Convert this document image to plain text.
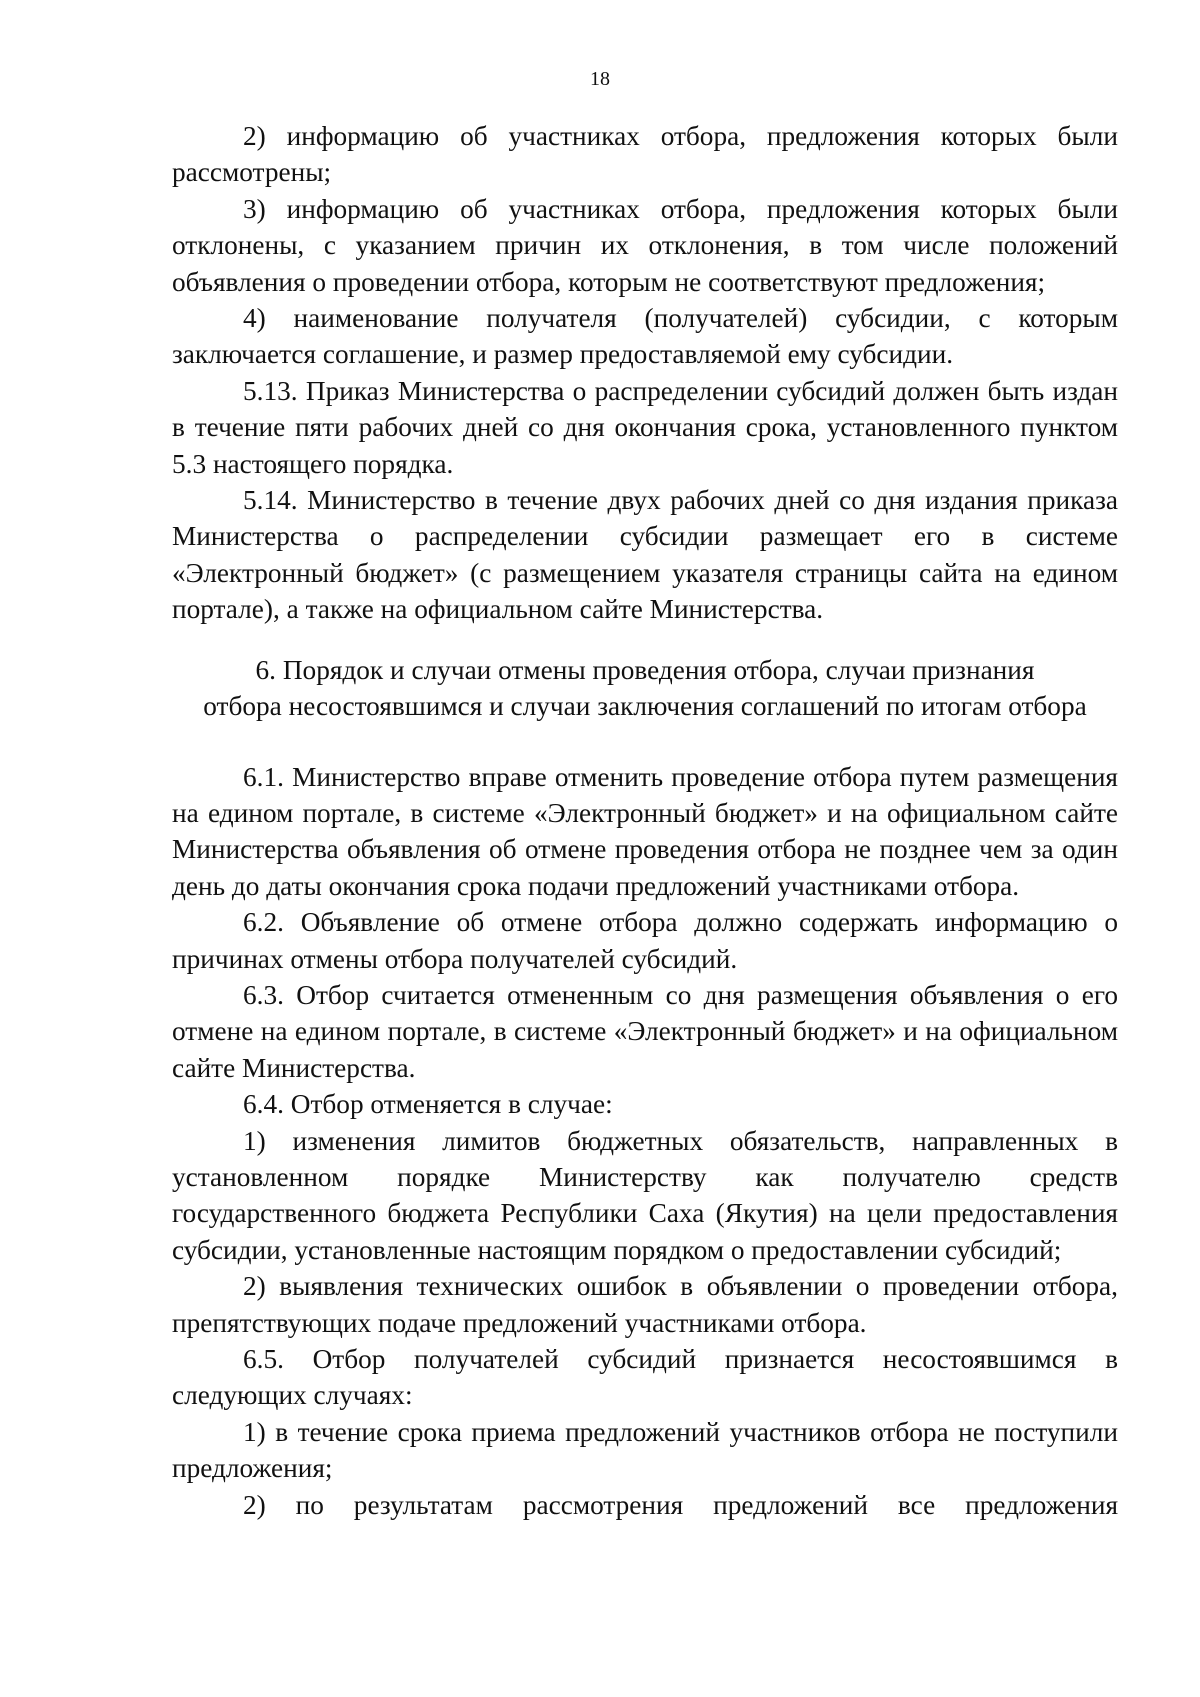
18

2) информацию об участниках отбора, предложения которых были рассмотрены;

3) информацию об участниках отбора, предложения которых были отклонены, с указанием причин их отклонения, в том числе положений объявления о проведении отбора, которым не соответствуют предложения;

4) наименование получателя (получателей) субсидии, с которым заключается соглашение, и размер предоставляемой ему субсидии.

5.13. Приказ Министерства о распределении субсидий должен быть издан в течение пяти рабочих дней со дня окончания срока, установленного пунктом 5.3 настоящего порядка.

5.14. Министерство в течение двух рабочих дней со дня издания приказа Министерства о распределении субсидии размещает его в системе «Электронный бюджет» (с размещением указателя страницы сайта на едином портале), а также на официальном сайте Министерства.

6. Порядок и случаи отмены проведения отбора, случаи признания
отбора несостоявшимся и случаи заключения соглашений по итогам отбора

6.1. Министерство вправе отменить проведение отбора путем размещения на едином портале, в системе «Электронный бюджет» и на официальном сайте Министерства объявления об отмене проведения отбора не позднее чем за один день до даты окончания срока подачи предложений участниками отбора.

6.2. Объявление об отмене отбора должно содержать информацию о причинах отмены отбора получателей субсидий.

6.3. Отбор считается отмененным со дня размещения объявления о его отмене на едином портале, в системе «Электронный бюджет» и на официальном сайте Министерства.

6.4. Отбор отменяется в случае:

1) изменения лимитов бюджетных обязательств, направленных в установленном порядке Министерству как получателю средств государственного бюджета Республики Саха (Якутия) на цели предоставления субсидии, установленные настоящим порядком о предоставлении субсидий;

2) выявления технических ошибок в объявлении о проведении отбора, препятствующих подаче предложений участниками отбора.

6.5. Отбор получателей субсидий признается несостоявшимся в следующих случаях:

1) в течение срока приема предложений участников отбора не поступили предложения;

2) по результатам рассмотрения предложений все предложения
